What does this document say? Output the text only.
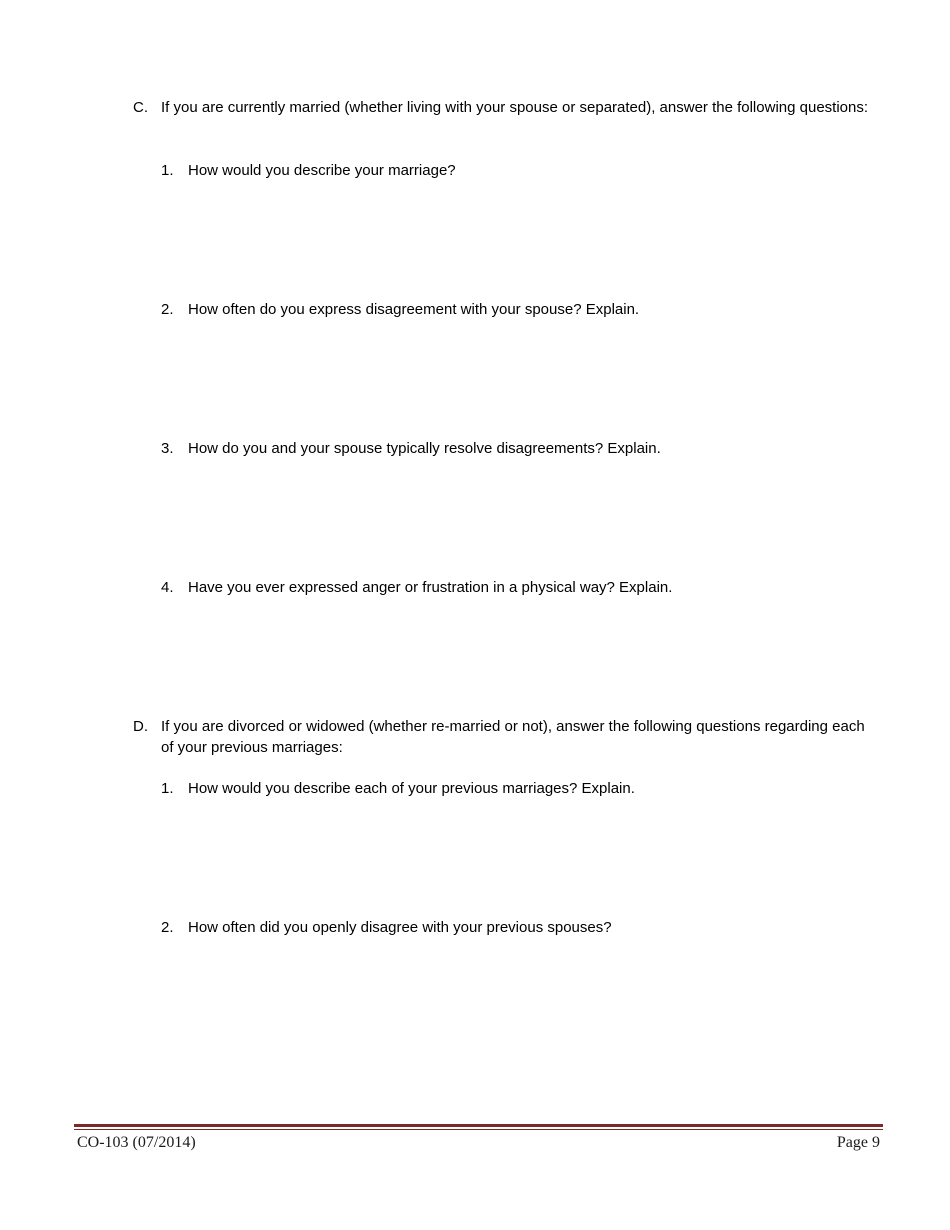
C. If you are currently married (whether living with your spouse or separated), answer the following questions:
1. How would you describe your marriage?
2. How often do you express disagreement with your spouse? Explain.
3. How do you and your spouse typically resolve disagreements? Explain.
4. Have you ever expressed anger or frustration in a physical way? Explain.
D. If you are divorced or widowed (whether re-married or not), answer the following questions regarding each of your previous marriages:
1. How would you describe each of your previous marriages? Explain.
2. How often did you openly disagree with your previous spouses?
CO-103 (07/2014)	Page 9
